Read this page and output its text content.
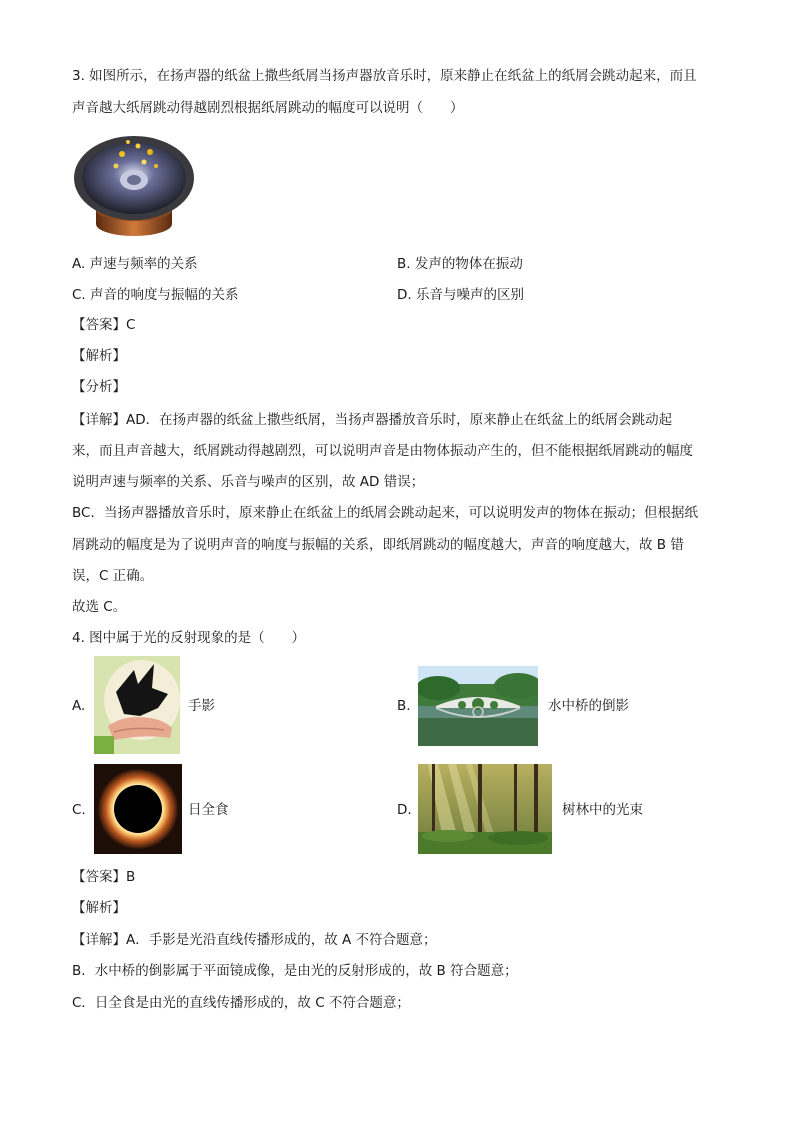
3. 如图所示，在扬声器的纸盆上撒些纸屑当扬声器放音乐时，原来静止在纸盆上的纸屑会跳动起来，而且
声音越大纸屑跳动得越剧烈根据纸屑跳动的幅度可以说明（　　）
A. 声速与频率的关系	B. 发声的物体在振动
C. 声音的响度与振幅的关系	D. 乐音与噪声的区别
【答案】C
【解析】
【分析】
【详解】AD．在扬声器的纸盆上撒些纸屑，当扬声器播放音乐时，原来静止在纸盆上的纸屑会跳动起
来，而且声音越大，纸屑跳动得越剧烈，可以说明声音是由物体振动产生的，但不能根据纸屑跳动的幅度
说明声速与频率的关系、乐音与噪声的区别，故 AD 错误；
BC．当扬声器播放音乐时，原来静止在纸盆上的纸屑会跳动起来，可以说明发声的物体在振动；但根据纸
屑跳动的幅度是为了说明声音的响度与振幅的关系，即纸屑跳动的幅度越大，声音的响度越大，故 B 错
误，C 正确。
故选 C。
4. 图中属于光的反射现象的是（　　）
A.	手影	B.	水中桥的倒影
C.	日全食	D.	树林中的光束
【答案】B
【解析】
【详解】A．手影是光沿直线传播形成的，故 A 不符合题意；
B．水中桥的倒影属于平面镜成像，是由光的反射形成的，故 B 符合题意；
C．日全食是由光的直线传播形成的，故 C 不符合题意；
